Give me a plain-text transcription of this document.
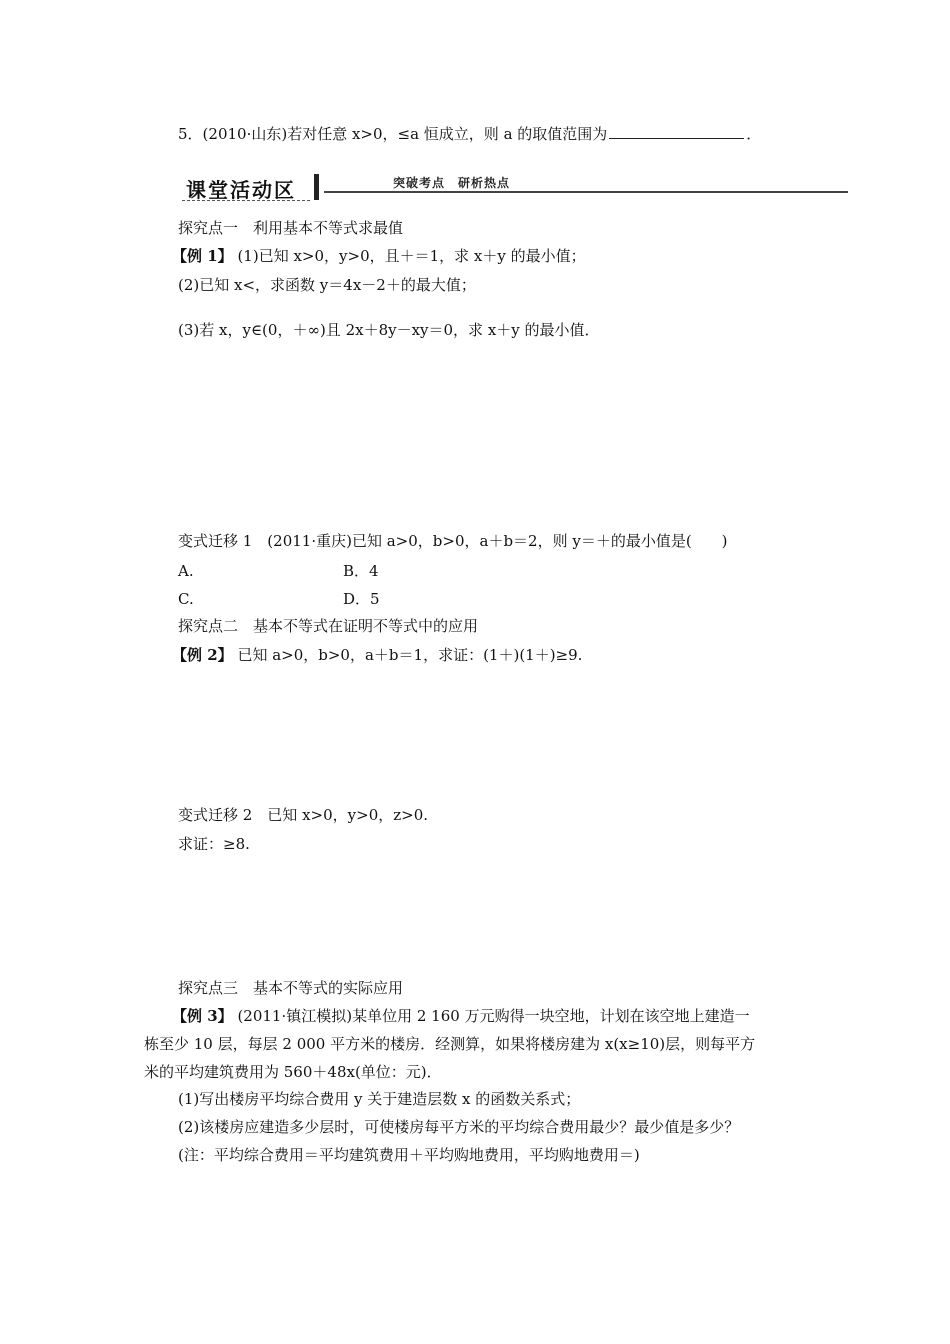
5．(2010·山东)若对任意 x>0，≤a 恒成立，则 a 的取值范围为	．
课堂活动区	突破考点　研析热点
探究点一　利用基本不等式求最值
【例 1】 (1)已知 x>0，y>0，且＋＝1，求 x＋y 的最小值；
(2)已知 x<，求函数 y＝4x－2＋的最大值；
(3)若 x，y∈(0，＋∞)且 2x＋8y－xy＝0，求 x＋y 的最小值．
变式迁移 1　(2011·重庆)已知 a>0，b>0，a＋b＝2，则 y＝＋的最小值是(　　)
A.	B．4
C.	D．5
探究点二　基本不等式在证明不等式中的应用
【例 2】 已知 a>0，b>0，a＋b＝1，求证：(1＋)(1＋)≥9.
变式迁移 2　已知 x>0，y>0，z>0.
求证：≥8.
探究点三　基本不等式的实际应用
【例 3】 (2011·镇江模拟)某单位用 2 160 万元购得一块空地，计划在该空地上建造一
栋至少 10 层，每层 2 000 平方米的楼房．经测算，如果将楼房建为 x(x≥10)层，则每平方
米的平均建筑费用为 560＋48x(单位：元)．
(1)写出楼房平均综合费用 y 关于建造层数 x 的函数关系式；
(2)该楼房应建造多少层时，可使楼房每平方米的平均综合费用最少？最少值是多少？
(注：平均综合费用＝平均建筑费用＋平均购地费用，平均购地费用＝)
